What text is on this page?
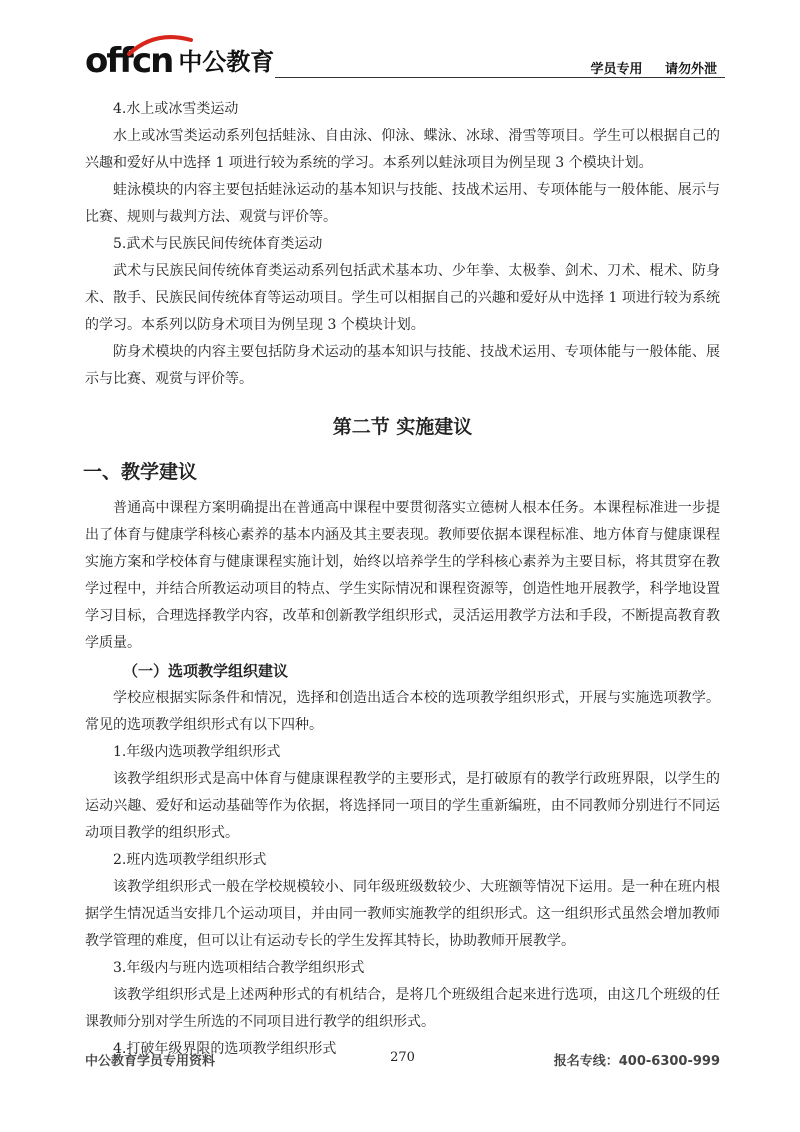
offcn 中公教育	学员专用 请勿外泄

4.水上或冰雪类运动

水上或冰雪类运动系列包括蛙泳、自由泳、仰泳、蝶泳、冰球、滑雪等项目。学生可以根据自己的兴趣和爱好从中选择 1 项进行较为系统的学习。本系列以蛙泳项目为例呈现 3 个模块计划。

蛙泳模块的内容主要包括蛙泳运动的基本知识与技能、技战术运用、专项体能与一般体能、展示与比赛、规则与裁判方法、观赏与评价等。

5.武术与民族民间传统体育类运动

武术与民族民间传统体育类运动系列包括武术基本功、少年拳、太极拳、剑术、刀术、棍术、防身术、散手、民族民间传统体育等运动项目。学生可以相据自己的兴趣和爱好从中选择 1 项进行较为系统的学习。本系列以防身术项目为例呈现 3 个模块计划。

防身术模块的内容主要包括防身术运动的基本知识与技能、技战术运用、专项体能与一般体能、展示与比赛、观赏与评价等。

第二节 实施建议
一、教学建议

普通高中课程方案明确提出在普通高中课程中要贯彻落实立德树人根本任务。本课程标准进一步提出了体育与健康学科核心素养的基本内涵及其主要表现。教师要依据本课程标准、地方体育与健康课程实施方案和学校体育与健康课程实施计划，始终以培养学生的学科核心素养为主要目标，将其贯穿在教学过程中，并结合所教运动项目的特点、学生实际情况和课程资源等，创造性地开展教学，科学地设置学习目标，合理选择教学内容，改革和创新教学组织形式，灵活运用教学方法和手段，不断提高教育教学质量。

（一）选项教学组织建议

学校应根据实际条件和情况，选择和创造出适合本校的选项教学组织形式，开展与实施选项教学。常见的选项教学组织形式有以下四种。

1.年级内选项教学组织形式

该教学组织形式是高中体育与健康课程教学的主要形式，是打破原有的教学行政班界限，以学生的运动兴趣、爱好和运动基础等作为依据，将选择同一项目的学生重新编班，由不同教师分别进行不同运动项目教学的组织形式。

2.班内选项教学组织形式

该教学组织形式一般在学校规模较小、同年级班级数较少、大班额等情况下运用。是一种在班内根据学生情况适当安排几个运动项目，并由同一教师实施教学的组织形式。这一组织形式虽然会增加教师教学管理的难度，但可以让有运动专长的学生发挥其特长，协助教师开展教学。

3.年级内与班内选项相结合教学组织形式

该教学组织形式是上述两种形式的有机结合，是将几个班级组合起来进行选项，由这几个班级的任课教师分别对学生所选的不同项目进行教学的组织形式。

4.打破年级界限的选项教学组织形式

中公教育学员专用资料	270	报名专线：400-6300-999
